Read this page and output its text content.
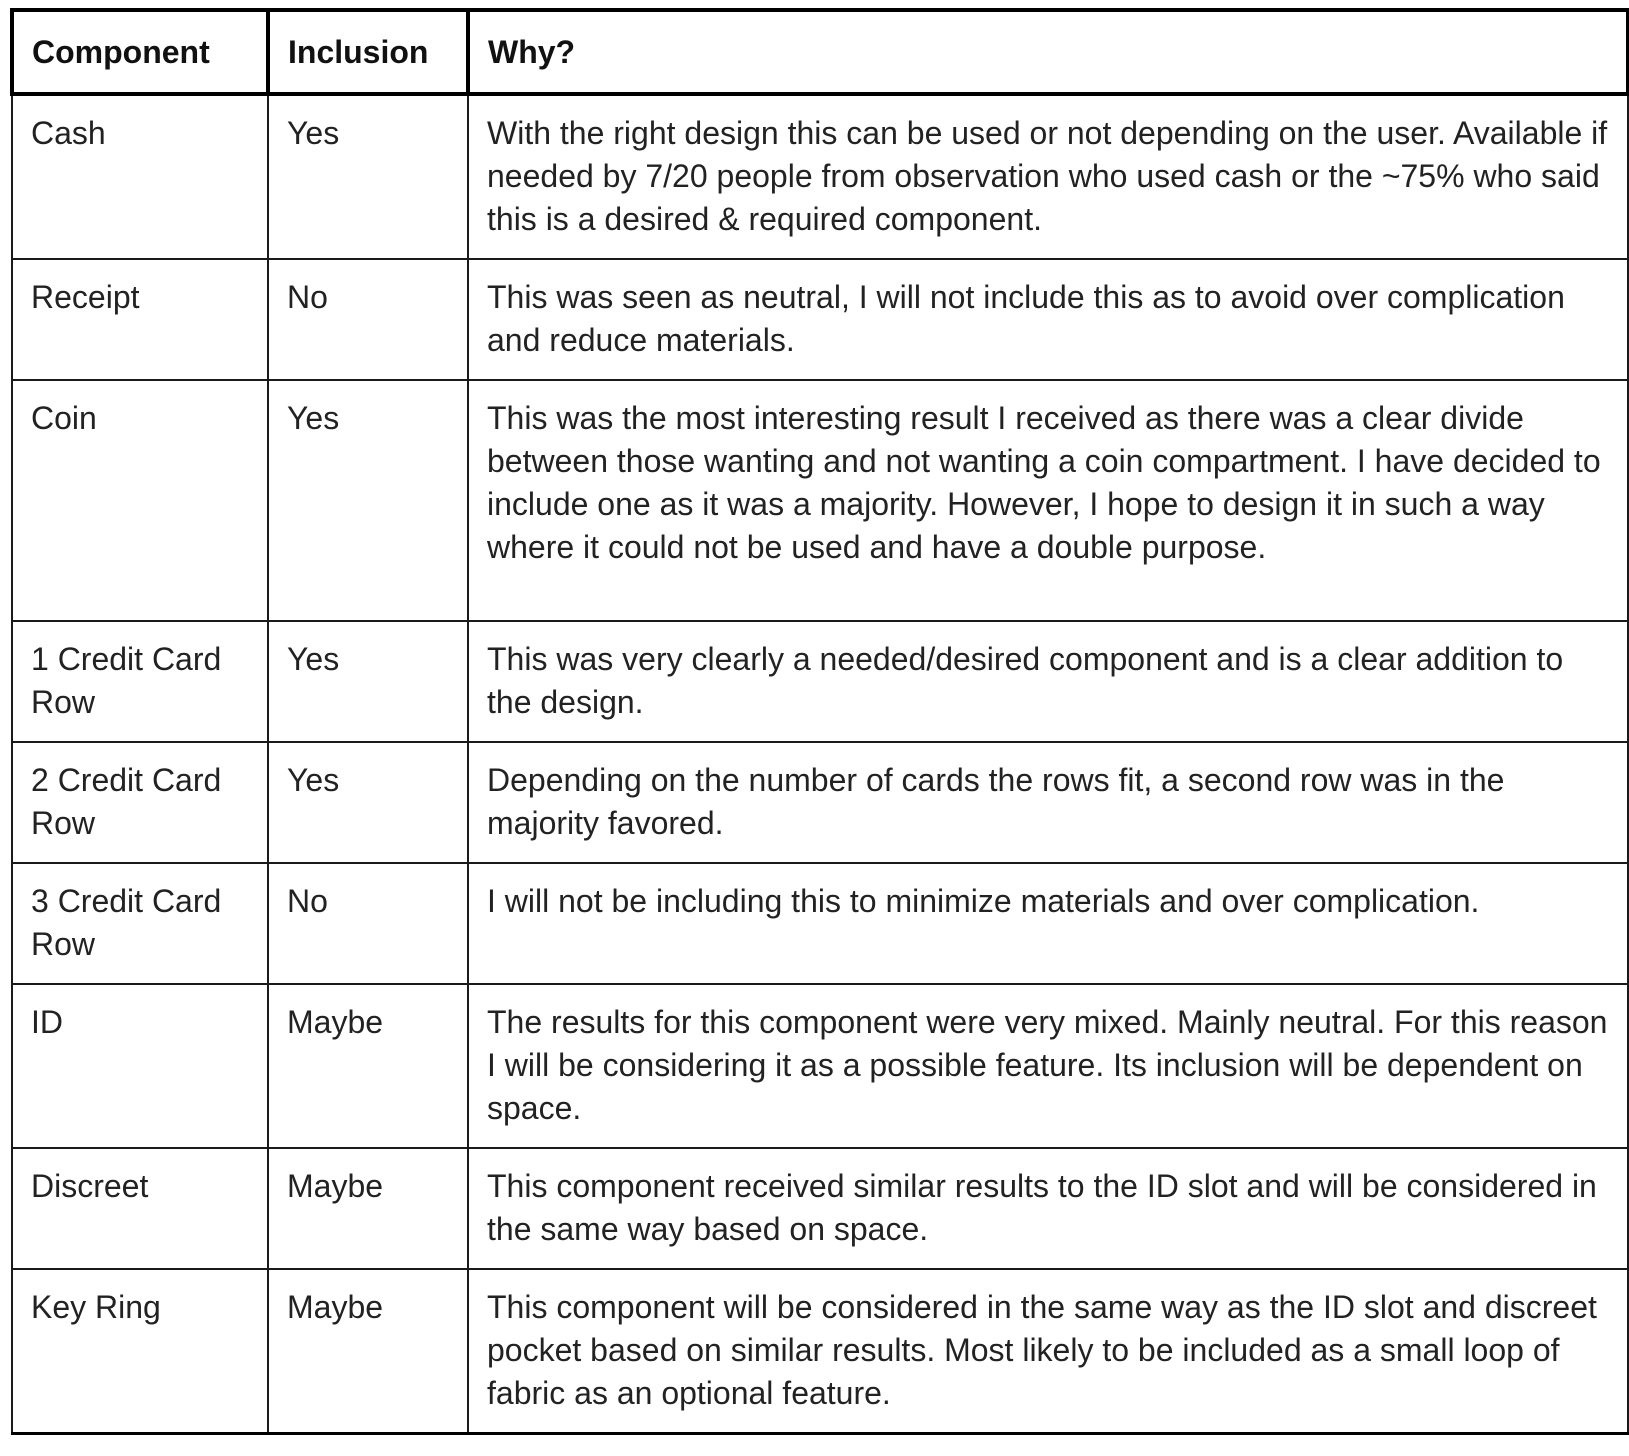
Component	Inclusion	Why?
Cash	Yes	With the right design this can be used or not depending on the user. Available if needed by 7/20 people from observation who used cash or the ~75% who said this is a desired & required component.
Receipt	No	This was seen as neutral, I will not include this as to avoid over complication and reduce materials.
Coin	Yes	This was the most interesting result I received as there was a clear divide between those wanting and not wanting a coin compartment. I have decided to include one as it was a majority. However, I hope to design it in such a way where it could not be used and have a double purpose.
1 Credit Card Row	Yes	This was very clearly a needed/desired component and is a clear addition to the design.
2 Credit Card Row	Yes	Depending on the number of cards the rows fit, a second row was in the majority favored.
3 Credit Card Row	No	I will not be including this to minimize materials and over complication.
ID	Maybe	The results for this component were very mixed. Mainly neutral. For this reason I will be considering it as a possible feature. Its inclusion will be dependent on space.
Discreet	Maybe	This component received similar results to the ID slot and will be considered in the same way based on space.
Key Ring	Maybe	This component will be considered in the same way as the ID slot and discreet pocket based on similar results. Most likely to be included as a small loop of fabric as an optional feature.
